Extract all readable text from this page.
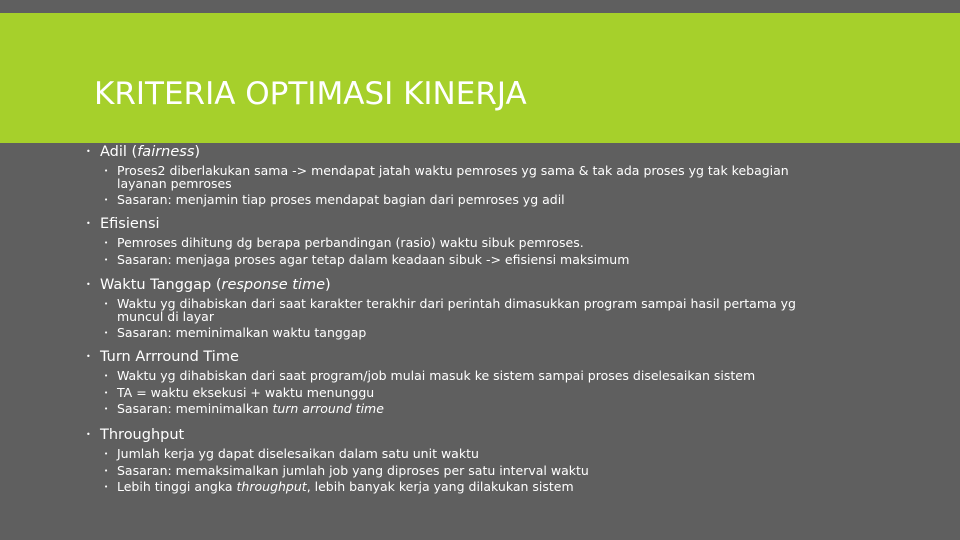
KRITERIA OPTIMASI KINERJA
• Adil (fairness)
• Proses2 diberlakukan sama -> mendapat jatah waktu pemroses yg sama & tak ada proses yg tak kebagian layanan pemroses
• Sasaran: menjamin tiap proses mendapat bagian dari pemroses yg adil
• Efisiensi
• Pemroses dihitung dg berapa perbandingan (rasio) waktu sibuk pemroses.
• Sasaran: menjaga proses agar tetap dalam keadaan sibuk -> efisiensi maksimum
• Waktu Tanggap (response time)
• Waktu yg dihabiskan dari saat karakter terakhir dari perintah dimasukkan program sampai hasil pertama yg muncul di layar
• Sasaran: meminimalkan waktu tanggap
• Turn Arrround Time
• Waktu yg dihabiskan dari saat program/job mulai masuk ke sistem sampai proses diselesaikan sistem
• TA = waktu eksekusi + waktu menunggu
• Sasaran: meminimalkan turn arround time
• Throughput
• Jumlah kerja yg dapat diselesaikan dalam satu unit waktu
• Sasaran: memaksimalkan jumlah job yang diproses per satu interval waktu
• Lebih tinggi angka throughput, lebih banyak kerja yang dilakukan sistem
